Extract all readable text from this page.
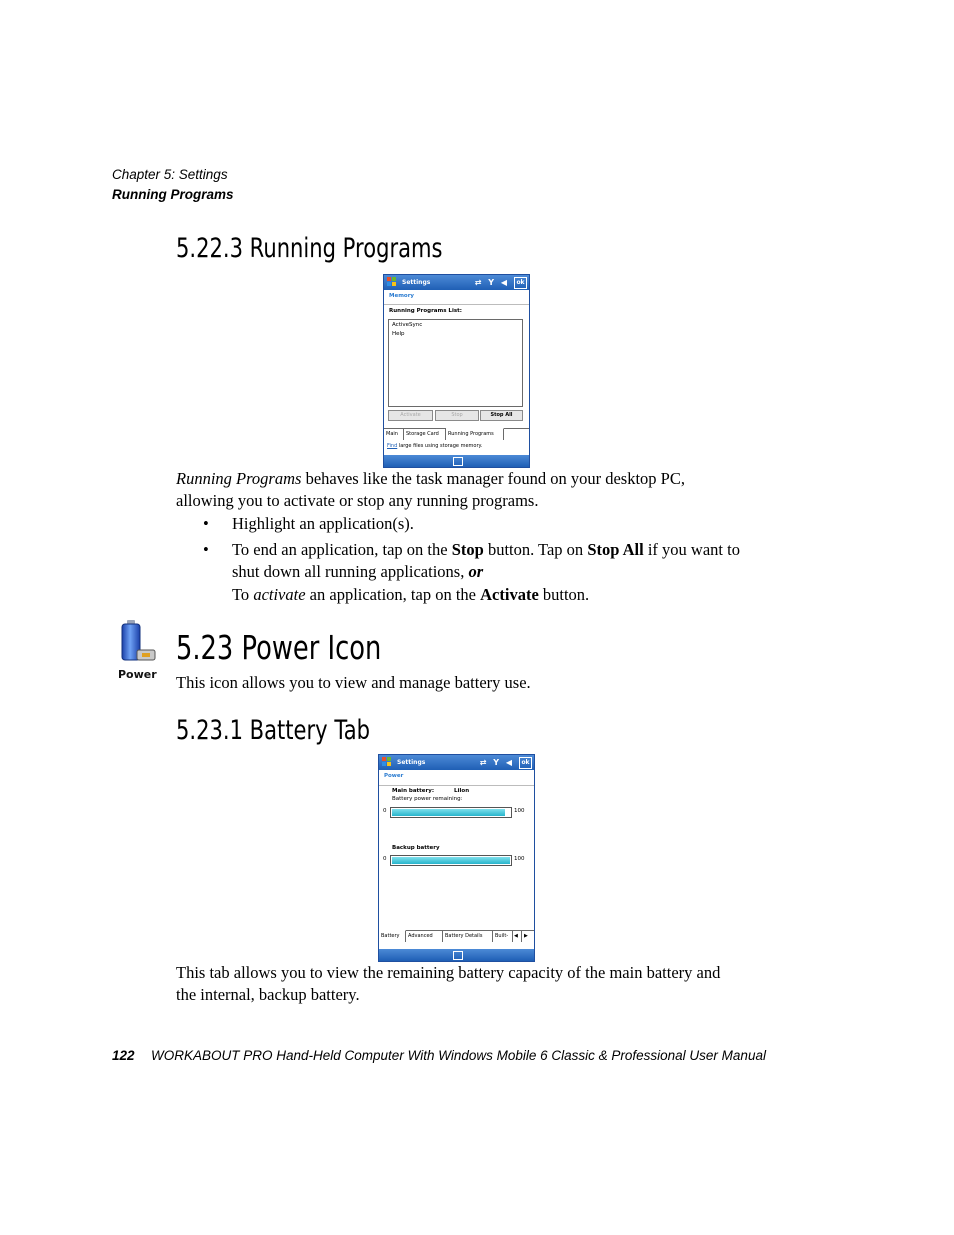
Chapter 5: Settings
Running Programs
5.22.3 Running Programs
Settings	⇄ Y ◀	ok
Memory
Running Programs List:
ActiveSync
Help
Activate	Stop	Stop All
Main	Storage Card	Running Programs
Find large files using storage memory.
Running Programs behaves like the task manager found on your desktop PC, allowing you to activate or stop any running programs.
• Highlight an application(s).
• To end an application, tap on the Stop button. Tap on Stop All if you want to shut down all running applications, or
To activate an application, tap on the Activate button.
Power
5.23 Power Icon
This icon allows you to view and manage battery use.
5.23.1 Battery Tab
Settings	⇄ Y ◀	ok
Power
Main battery:	LiIon
Battery power remaining:
0	100
Backup battery
0	100
Battery	Advanced	Battery Details	Built-	◀	▶
This tab allows you to view the remaining battery capacity of the main battery and the internal, backup battery.
122 WORKABOUT PRO Hand-Held Computer With Windows Mobile 6 Classic & Professional User Manual
